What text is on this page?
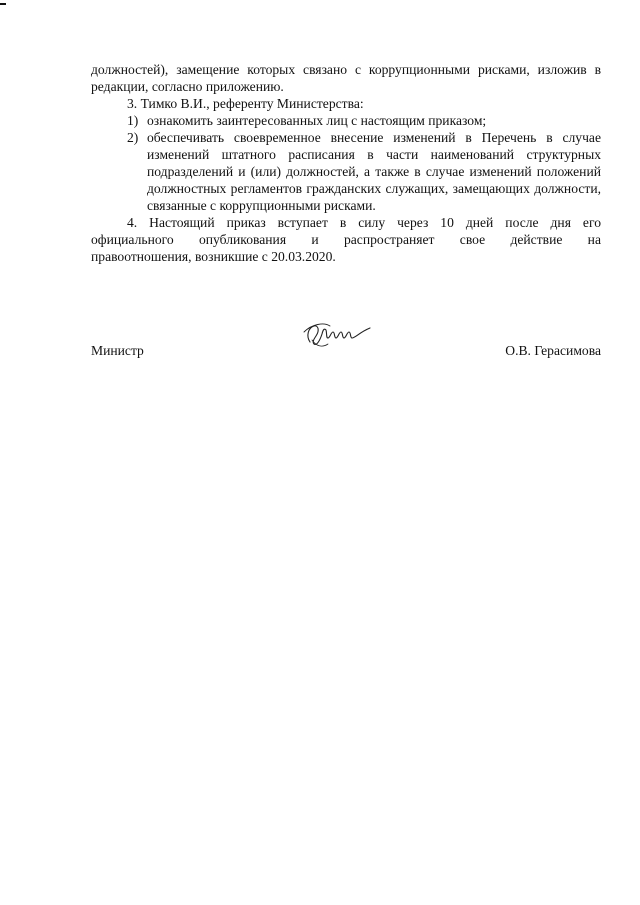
должностей), замещение которых связано с коррупционными рисками, изложив в редакции, согласно приложению.

3. Тимко В.И., референту Министерства:

1) ознакомить заинтересованных лиц с настоящим приказом;
2) обеспечивать своевременное внесение изменений в Перечень в случае изменений штатного расписания в части наименований структурных подразделений и (или) должностей, а также в случае изменений положений должностных регламентов гражданских служащих, замещающих должности, связанные с коррупционными рисками.

4. Настоящий приказ вступает в силу через 10 дней после дня его

официального опубликования и распространяет свое действие на

правоотношения, возникшие с 20.03.2020.

Министр	О.В. Герасимова
